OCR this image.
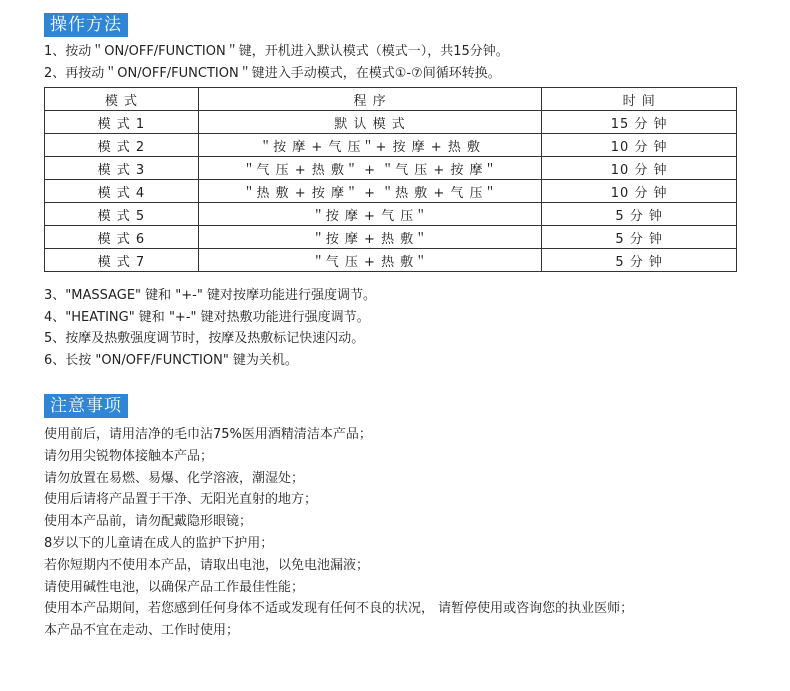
操作方法
1、按动＂ON/OFF/FUNCTION＂键，开机进入默认模式（模式一），共15分钟。
2、再按动＂ON/OFF/FUNCTION＂键进入手动模式，在模式①-⑦间循环转换。
模 式	程 序	时 间
模 式 1	默 认 模 式	15 分 钟
模 式 2	＂按 摩 + 气 压＂+ 按 摩 + 热 敷	10 分 钟
模 式 3	＂气 压 + 热 敷＂ + ＂气 压 + 按 摩＂	10 分 钟
模 式 4	＂热 敷 + 按 摩＂ + ＂热 敷 + 气 压＂	10 分 钟
模 式 5	＂按 摩 + 气 压＂	5 分 钟
模 式 6	＂按 摩 + 热 敷＂	5 分 钟
模 式 7	＂气 压 + 热 敷＂	5 分 钟
3、"MASSAGE" 键和 "+-" 键对按摩功能进行强度调节。
4、"HEATING" 键和 "+-" 键对热敷功能进行强度调节。
5、按摩及热敷强度调节时，按摩及热敷标记快速闪动。
6、长按 "ON/OFF/FUNCTION" 键为关机。
注意事项
使用前后，请用洁净的毛巾沾75%医用酒精清洁本产品；
请勿用尖锐物体接触本产品；
请勿放置在易燃、易爆、化学溶液，潮湿处；
使用后请将产品置于干净、无阳光直射的地方；
使用本产品前，请勿配戴隐形眼镜；
8岁以下的儿童请在成人的监护下护用；
若你短期内不使用本产品，请取出电池，以免电池漏液；
请使用碱性电池，以确保产品工作最佳性能；
使用本产品期间，若您感到任何身体不适或发现有任何不良的状况， 请暂停使用或咨询您的执业医师；
本产品不宜在走动、工作时使用；
